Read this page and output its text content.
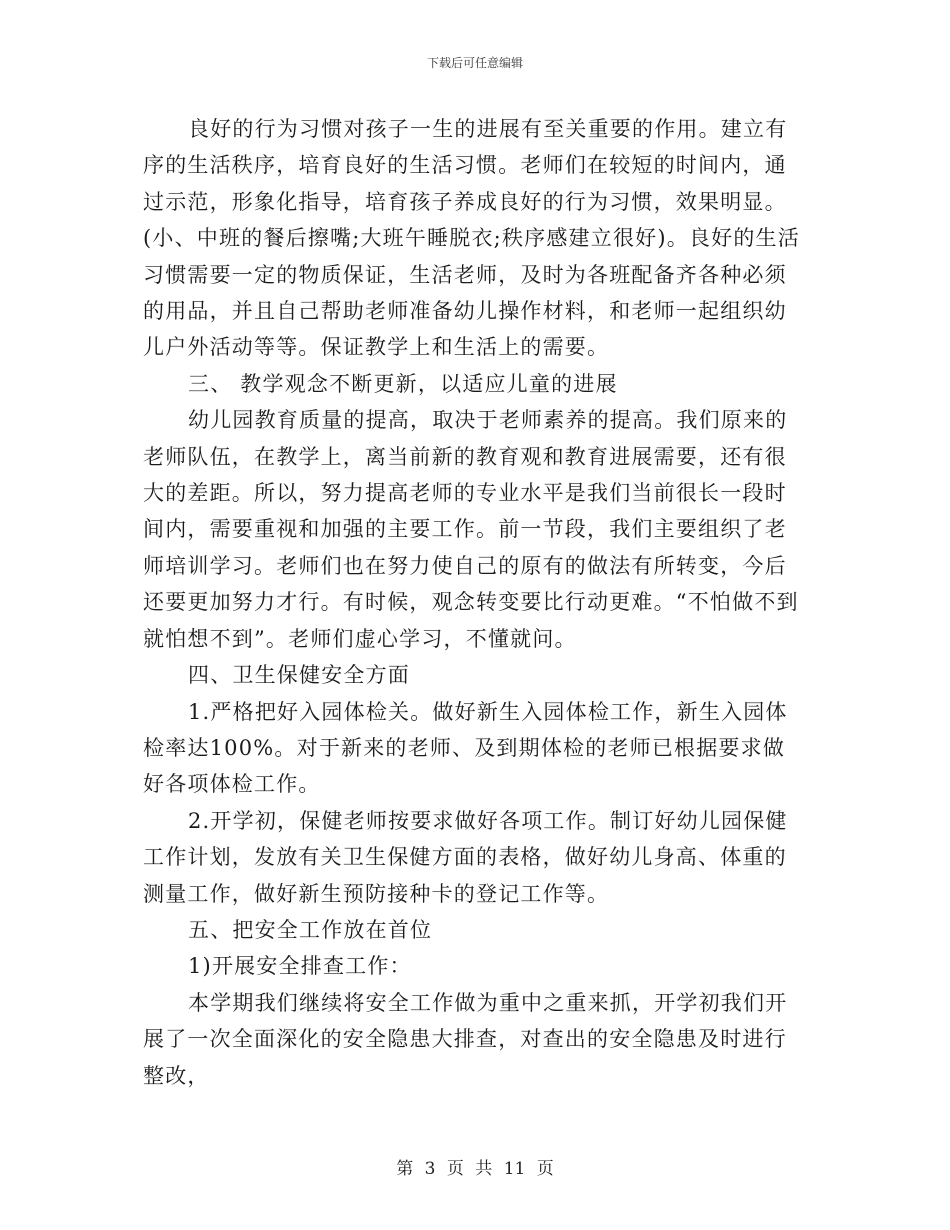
下载后可任意编辑

良好的行为习惯对孩子一生的进展有至关重要的作用。建立有序的生活秩序，培育良好的生活习惯。老师们在较短的时间内，通过示范，形象化指导，培育孩子养成良好的行为习惯，效果明显。(小、中班的餐后擦嘴;大班午睡脱衣;秩序感建立很好)。良好的生活习惯需要一定的物质保证，生活老师，及时为各班配备齐各种必须的用品，并且自己帮助老师准备幼儿操作材料，和老师一起组织幼儿户外活动等等。保证教学上和生活上的需要。

三、 教学观念不断更新，以适应儿童的进展

幼儿园教育质量的提高，取决于老师素养的提高。我们原来的老师队伍，在教学上，离当前新的教育观和教育进展需要，还有很大的差距。所以，努力提高老师的专业水平是我们当前很长一段时间内，需要重视和加强的主要工作。前一节段，我们主要组织了老师培训学习。老师们也在努力使自己的原有的做法有所转变，今后还要更加努力才行。有时候，观念转变要比行动更难。“不怕做不到就怕想不到”。老师们虚心学习，不懂就问。

四、卫生保健安全方面

1.严格把好入园体检关。做好新生入园体检工作，新生入园体检率达100%。对于新来的老师、及到期体检的老师已根据要求做好各项体检工作。

2.开学初，保健老师按要求做好各项工作。制订好幼儿园保健工作计划，发放有关卫生保健方面的表格，做好幼儿身高、体重的测量工作，做好新生预防接种卡的登记工作等。

五、把安全工作放在首位

1)开展安全排查工作：

本学期我们继续将安全工作做为重中之重来抓，开学初我们开展了一次全面深化的安全隐患大排查，对查出的安全隐患及时进行整改，

第 3 页 共 11 页
